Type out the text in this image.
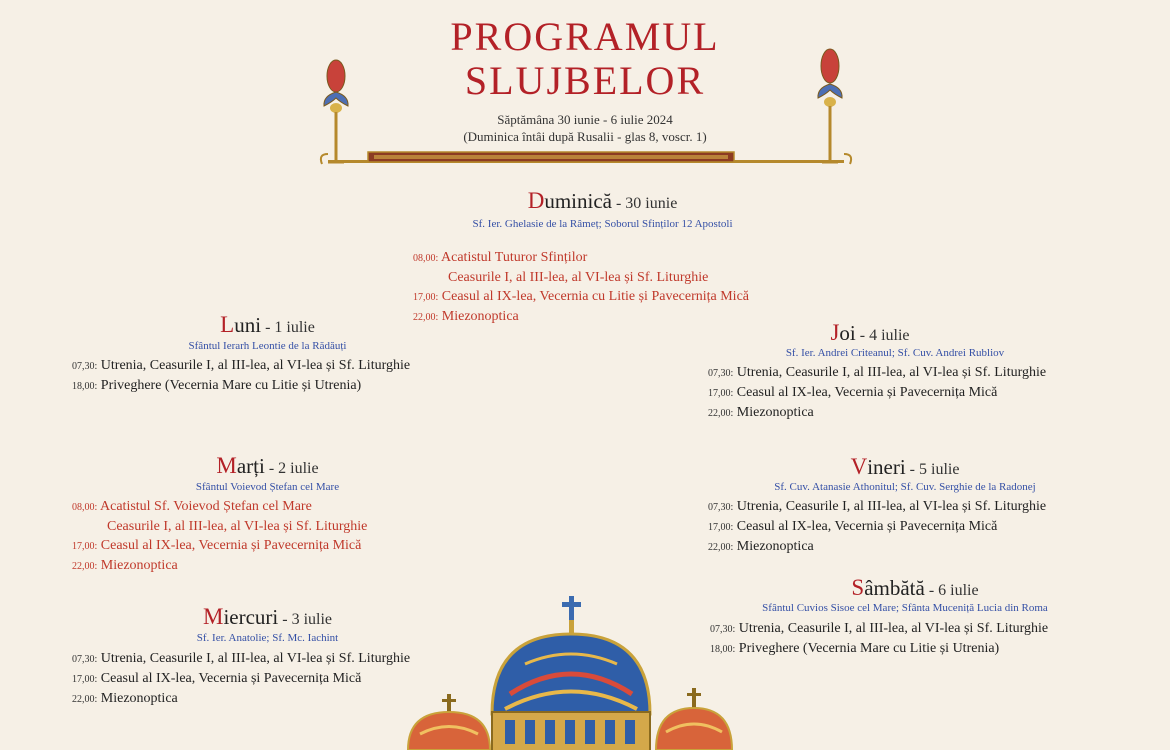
PROGRAMUL
SLUJBELOR
Săptămâna 30 iunie - 6 iulie 2024
(Duminica întâi după Rusalii - glas 8, voscr. 1)
Duminică - 30 iunie
Sf. Ier. Ghelasie de la Râmeț; Soborul Sfinților 12 Apostoli
08,00: Acatistul Tuturor Sfinților
Ceasurile I, al III-lea, al VI-lea și Sf. Liturghie
17,00: Ceasul al IX-lea, Vecernia cu Litie și Pavecernița Mică
22,00: Miezonoptica
Luni - 1 iulie
Sfântul Ierarh Leontie de la Rădăuți
07,30: Utrenia, Ceasurile I, al III-lea, al VI-lea și Sf. Liturghie
18,00: Priveghere (Vecernia Mare cu Litie și Utrenia)
Marți - 2 iulie
Sfântul Voievod Ștefan cel Mare
08,00: Acatistul Sf. Voievod Ștefan cel Mare
Ceasurile I, al III-lea, al VI-lea și Sf. Liturghie
17,00: Ceasul al IX-lea, Vecernia și Pavecernița Mică
22,00: Miezonoptica
Miercuri - 3 iulie
Sf. Ier. Anatolie; Sf. Mc. Iachint
07,30: Utrenia, Ceasurile I, al III-lea, al VI-lea și Sf. Liturghie
17,00: Ceasul al IX-lea, Vecernia și Pavecernița Mică
22,00: Miezonoptica
Joi - 4 iulie
Sf. Ier. Andrei Criteanul; Sf. Cuv. Andrei Rubliov
07,30: Utrenia, Ceasurile I, al III-lea, al VI-lea și Sf. Liturghie
17,00: Ceasul al IX-lea, Vecernia și Pavecernița Mică
22,00: Miezonoptica
Vineri - 5 iulie
Sf. Cuv. Atanasie Athonitul; Sf. Cuv. Serghie de la Radonej
07,30: Utrenia, Ceasurile I, al III-lea, al VI-lea și Sf. Liturghie
17,00: Ceasul al IX-lea, Vecernia și Pavecernița Mică
22,00: Miezonoptica
Sâmbătă - 6 iulie
Sfântul Cuvios Sisoe cel Mare; Sfânta Muceniță Lucia din Roma
07,30: Utrenia, Ceasurile I, al III-lea, al VI-lea și Sf. Liturghie
18,00: Priveghere (Vecernia Mare cu Litie și Utrenia)
